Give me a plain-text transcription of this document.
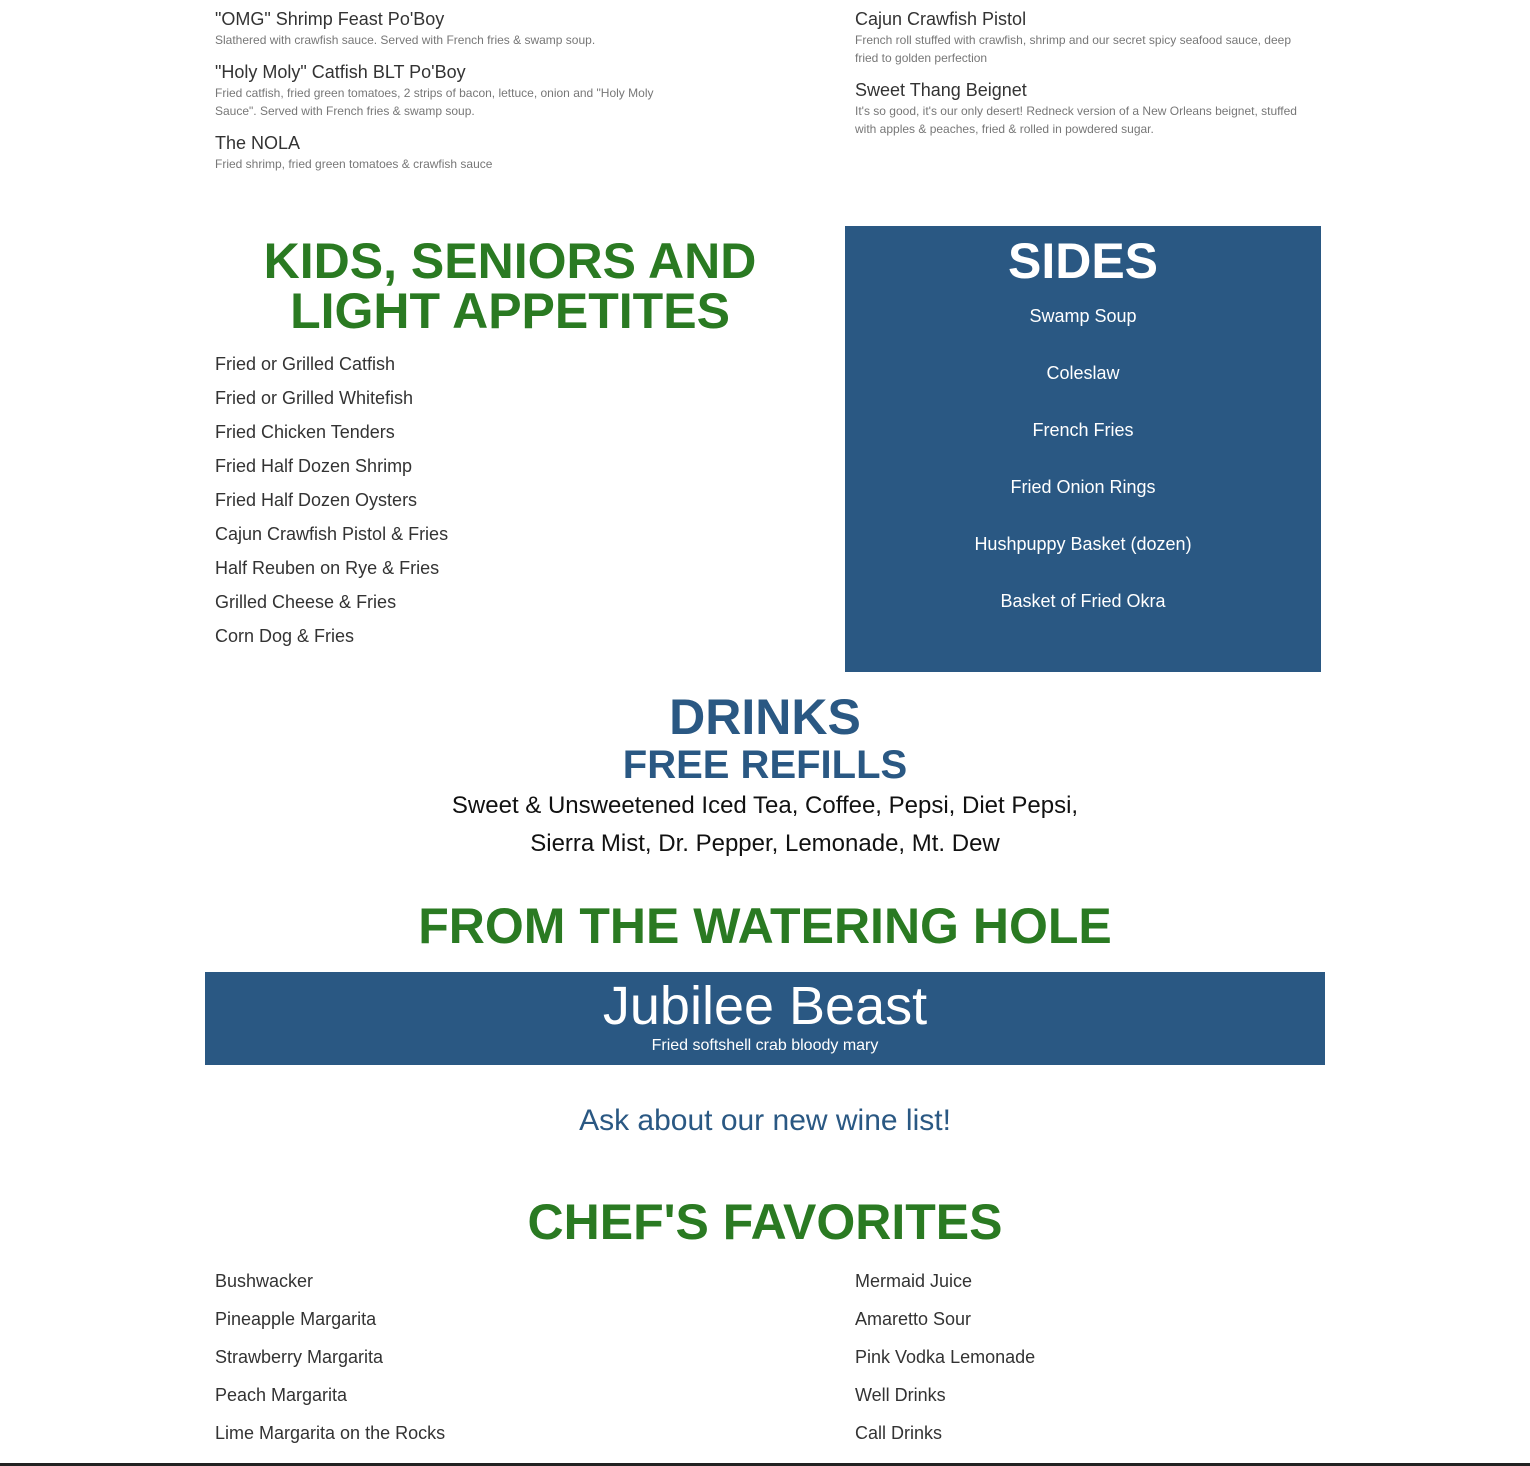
"OMG" Shrimp Feast Po'Boy
Slathered with crawfish sauce. Served with French fries & swamp soup.
"Holy Moly" Catfish BLT Po'Boy
Fried catfish, fried green tomatoes, 2 strips of bacon, lettuce, onion and "Holy Moly Sauce". Served with French fries & swamp soup.
The NOLA
Fried shrimp, fried green tomatoes & crawfish sauce
Cajun Crawfish Pistol
French roll stuffed with crawfish, shrimp and our secret spicy seafood sauce, deep fried to golden perfection
Sweet Thang Beignet
It's so good, it's our only desert! Redneck version of a New Orleans beignet, stuffed with apples & peaches, fried & rolled in powdered sugar.
KIDS, SENIORS AND
LIGHT APPETITES
Fried or Grilled Catfish
Fried or Grilled Whitefish
Fried Chicken Tenders
Fried Half Dozen Shrimp
Fried Half Dozen Oysters
Cajun Crawfish Pistol & Fries
Half Reuben on Rye & Fries
Grilled Cheese & Fries
Corn Dog & Fries
SIDES
Swamp Soup
Coleslaw
French Fries
Fried Onion Rings
Hushpuppy Basket (dozen)
Basket of Fried Okra
DRINKS
FREE REFILLS

Sweet & Unsweetened Iced Tea, Coffee, Pepsi, Diet Pepsi,
Sierra Mist, Dr. Pepper, Lemonade, Mt. Dew

FROM THE WATERING HOLE
Jubilee Beast
Fried softshell crab bloody mary

Ask about our new wine list!

CHEF'S FAVORITES
Bushwacker
Pineapple Margarita
Strawberry Margarita
Peach Margarita
Lime Margarita on the Rocks
Mermaid Juice
Amaretto Sour
Pink Vodka Lemonade
Well Drinks
Call Drinks
